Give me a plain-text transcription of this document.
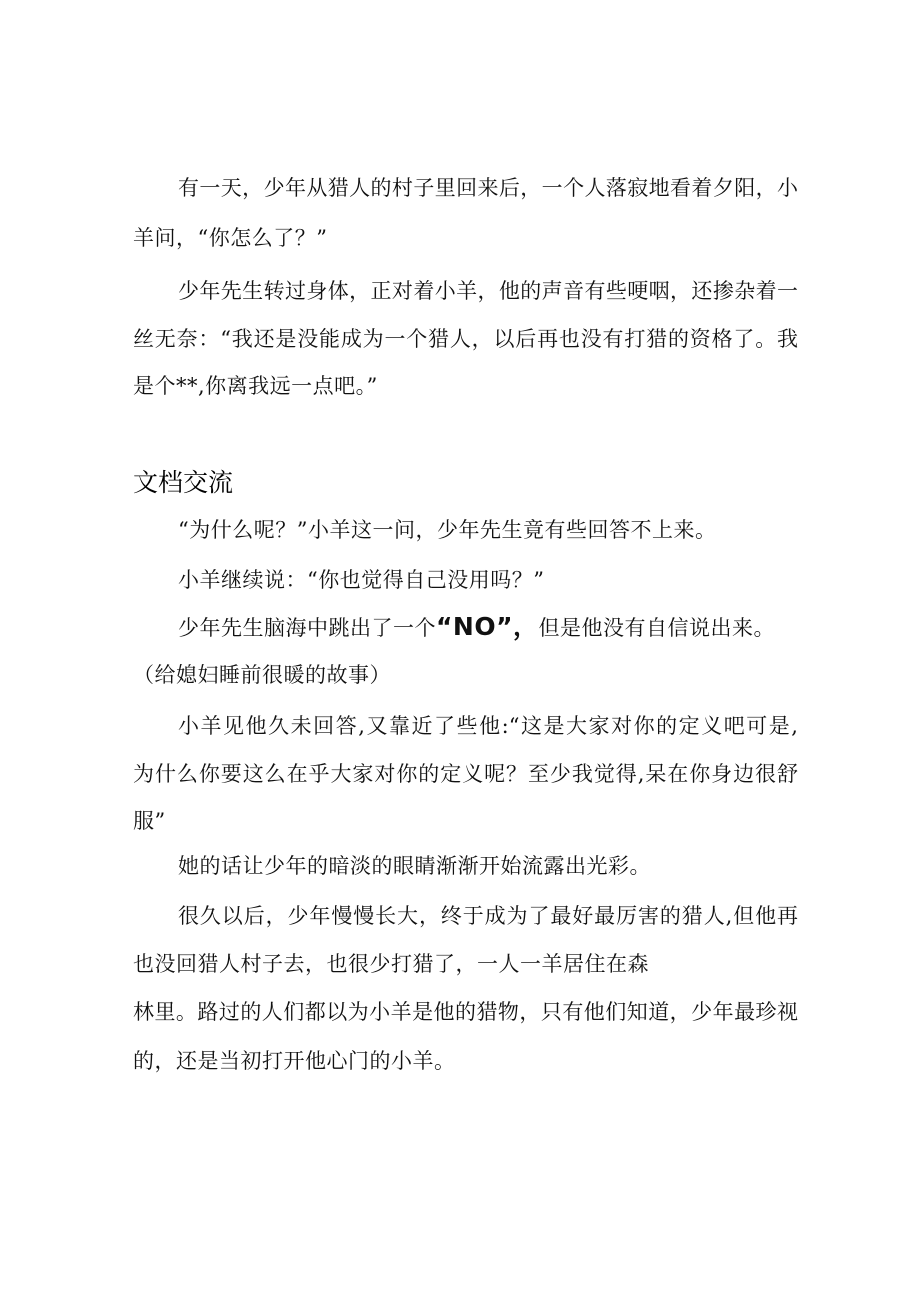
有一天，少年从猎人的村子里回来后，一个人落寂地看着夕阳，小
羊问，“你怎么了？”
少年先生转过身体，正对着小羊，他的声音有些哽咽，还掺杂着一
丝无奈：“我还是没能成为一个猎人，以后再也没有打猎的资格了。我
是个**,你离我远一点吧。”
文档交流
“为什么呢？”小羊这一问，少年先生竟有些回答不上来。
小羊继续说：“你也觉得自己没用吗？”
少年先生脑海中跳出了一个“NO”，但是他没有自信说出来。
（给媳妇睡前很暖的故事）
小羊见他久未回答,又靠近了些他:“这是大家对你的定义吧可是,
为什么你要这么在乎大家对你的定义呢？至少我觉得,呆在你身边很舒
服”
她的话让少年的暗淡的眼睛渐渐开始流露出光彩。
很久以后，少年慢慢长大，终于成为了最好最厉害的猎人,但他再
也没回猎人村子去，也很少打猎了，一人一羊居住在森
林里。路过的人们都以为小羊是他的猎物，只有他们知道，少年最珍视
的，还是当初打开他心门的小羊。
